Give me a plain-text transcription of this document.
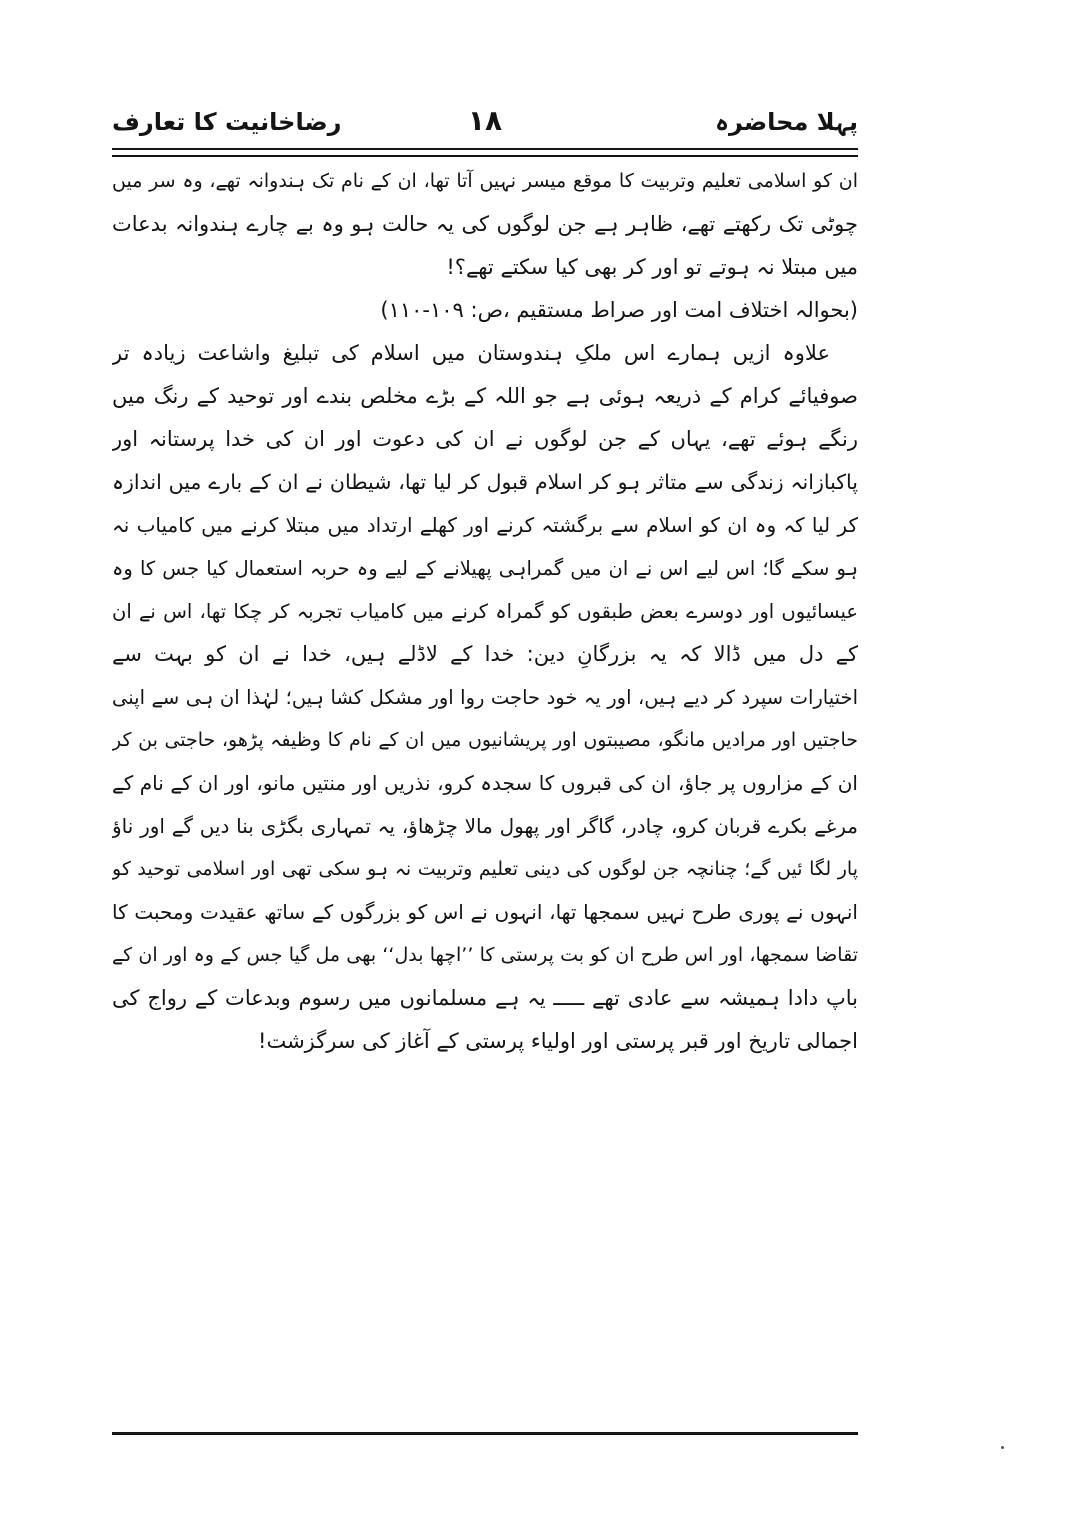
پہلا محاضرہ
۱۸
رضاخانیت کا تعارف
ان کو اسلامی تعلیم وتربیت کا موقع میسر نہیں آتا تھا، ان کے نام تک ہندوانہ تھے، وہ سر میں
چوٹی تک رکھتے تھے، ظاہر ہے جن لوگوں کی یہ حالت ہو وہ بے چارے ہندوانہ بدعات
میں مبتلا نہ ہوتے تو اور کر بھی کیا سکتے تھے؟!
(بحوالہ اختلاف امت اور صراط مستقیم ،ص: ۱۰۹-۱۱۰)
علاوہ ازیں ہمارے اس ملکِ ہندوستان میں اسلام کی تبلیغ واشاعت زیادہ تر
صوفیائے کرام کے ذریعہ ہوئی ہے جو اللہ کے بڑے مخلص بندے اور توحید کے رنگ میں
رنگے ہوئے تھے، یہاں کے جن لوگوں نے ان کی دعوت اور ان کی خدا پرستانہ اور
پاکبازانہ زندگی سے متاثر ہو کر اسلام قبول کر لیا تھا، شیطان نے ان کے بارے میں اندازہ
کر لیا کہ وہ ان کو اسلام سے برگشتہ کرنے اور کھلے ارتداد میں مبتلا کرنے میں کامیاب نہ
ہو سکے گا؛ اس لیے اس نے ان میں گمراہی پھیلانے کے لیے وہ حربہ استعمال کیا جس کا وہ
عیسائیوں اور دوسرے بعض طبقوں کو گمراہ کرنے میں کامیاب تجربہ کر چکا تھا، اس نے ان
کے دل میں ڈالا کہ یہ بزرگانِ دین: خدا کے لاڈلے ہیں، خدا نے ان کو بہت سے
اختیارات سپرد کر دیے ہیں، اور یہ خود حاجت روا اور مشکل کشا ہیں؛ لہٰذا ان ہی سے اپنی
حاجتیں اور مرادیں مانگو، مصیبتوں اور پریشانیوں میں ان کے نام کا وظیفہ پڑھو، حاجتی بن کر
ان کے مزاروں پر جاؤ، ان کی قبروں کا سجدہ کرو، نذریں اور منتیں مانو، اور ان کے نام کے
مرغے بکرے قربان کرو، چادر، گاگر اور پھول مالا چڑھاؤ، یہ تمہاری بگڑی بنا دیں گے اور ناؤ
پار لگا ئیں گے؛ چنانچہ جن لوگوں کی دینی تعلیم وتربیت نہ ہو سکی تھی اور اسلامی توحید کو
انہوں نے پوری طرح نہیں سمجھا تھا، انہوں نے اس کو بزرگوں کے ساتھ عقیدت ومحبت کا
تقاضا سمجھا، اور اس طرح ان کو بت پرستی کا ’’اچھا بدل‘‘ بھی مل گیا جس کے وہ اور ان کے
باپ دادا ہمیشہ سے عادی تھے ـــــ یہ ہے مسلمانوں میں رسوم وبدعات کے رواج کی
اجمالی تاریخ اور قبر پرستی اور اولیاء پرستی کے آغاز کی سرگزشت!
